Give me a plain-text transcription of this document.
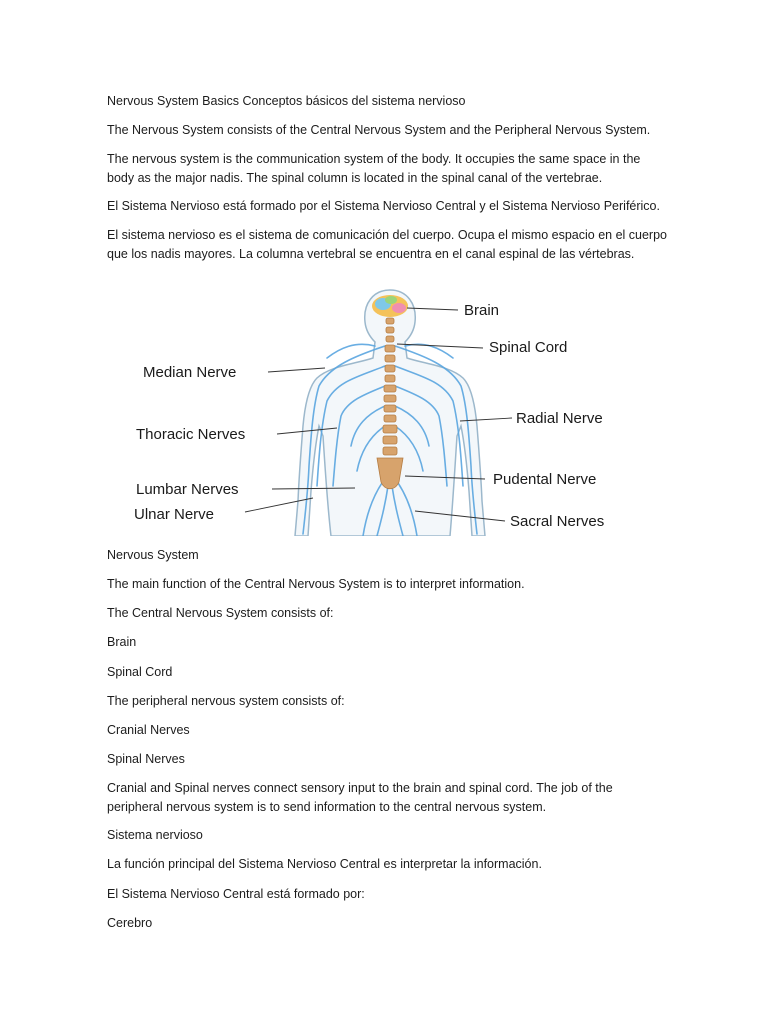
Nervous System Basics Conceptos básicos del sistema nervioso

The Nervous System consists of the Central Nervous System and the Peripheral Nervous System.

The nervous system is the communication system of the body. It occupies the same space in the body as the major nadis. The spinal column is located in the spinal canal of the vertebrae.

El Sistema Nervioso está formado por el Sistema Nervioso Central y el Sistema Nervioso Periférico.

El sistema nervioso es el sistema de comunicación del cuerpo. Ocupa el mismo espacio en el cuerpo que los nadis mayores. La columna vertebral se encuentra en el canal espinal de las vértebras.

Brain
Spinal Cord
Median Nerve
Radial Nerve
Thoracic Nerves
Pudental Nerve
Lumbar Nerves
Ulnar Nerve	Sacral Nerves

Nervous System

The main function of the Central Nervous System is to interpret information.

The Central Nervous System consists of:

Brain

Spinal Cord

The peripheral nervous system consists of:

Cranial Nerves

Spinal Nerves

Cranial and Spinal nerves connect sensory input to the brain and spinal cord. The job of the peripheral nervous system is to send information to the central nervous system.

Sistema nervioso

La función principal del Sistema Nervioso Central es interpretar la información.

El Sistema Nervioso Central está formado por:

Cerebro
